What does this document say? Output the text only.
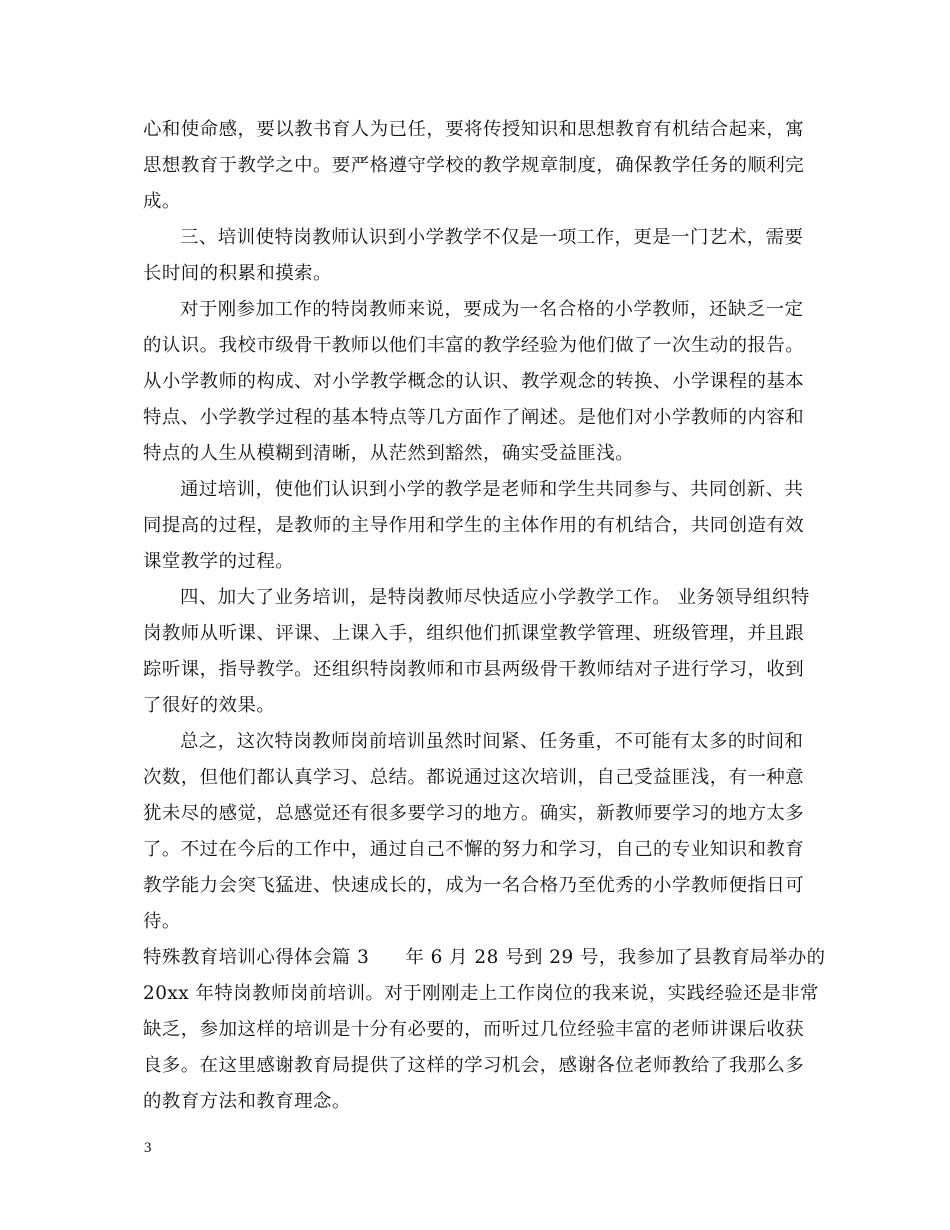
心和使命感，要以教书育人为已任，要将传授知识和思想教育有机结合起来，寓
思想教育于教学之中。要严格遵守学校的教学规章制度，确保教学任务的顺利完
成。
三、培训使特岗教师认识到小学教学不仅是一项工作，更是一门艺术，需要
长时间的积累和摸索。
对于刚参加工作的特岗教师来说，要成为一名合格的小学教师，还缺乏一定
的认识。我校市级骨干教师以他们丰富的教学经验为他们做了一次生动的报告。
从小学教师的构成、对小学教学概念的认识、教学观念的转换、小学课程的基本
特点、小学教学过程的基本特点等几方面作了阐述。是他们对小学教师的内容和
特点的人生从模糊到清晰，从茫然到豁然，确实受益匪浅。
通过培训，使他们认识到小学的教学是老师和学生共同参与、共同创新、共
同提高的过程，是教师的主导作用和学生的主体作用的有机结合，共同创造有效
课堂教学的过程。
四、加大了业务培训，是特岗教师尽快适应小学教学工作。 业务领导组织特
岗教师从听课、评课、上课入手，组织他们抓课堂教学管理、班级管理，并且跟
踪听课，指导教学。还组织特岗教师和市县两级骨干教师结对子进行学习，收到
了很好的效果。
总之，这次特岗教师岗前培训虽然时间紧、任务重，不可能有太多的时间和
次数，但他们都认真学习、总结。都说通过这次培训，自己受益匪浅，有一种意
犹未尽的感觉，总感觉还有很多要学习的地方。确实，新教师要学习的地方太多
了。不过在今后的工作中，通过自己不懈的努力和学习，自己的专业知识和教育
教学能力会突飞猛进、快速成长的，成为一名合格乃至优秀的小学教师便指日可
待。
特殊教育培训心得体会篇 3 年 6 月 28 号到 29 号，我参加了县教育局举办的
20xx 年特岗教师岗前培训。对于刚刚走上工作岗位的我来说，实践经验还是非常
缺乏，参加这样的培训是十分有必要的，而听过几位经验丰富的老师讲课后收获
良多。在这里感谢教育局提供了这样的学习机会，感谢各位老师教给了我那么多
的教育方法和教育理念。
3
